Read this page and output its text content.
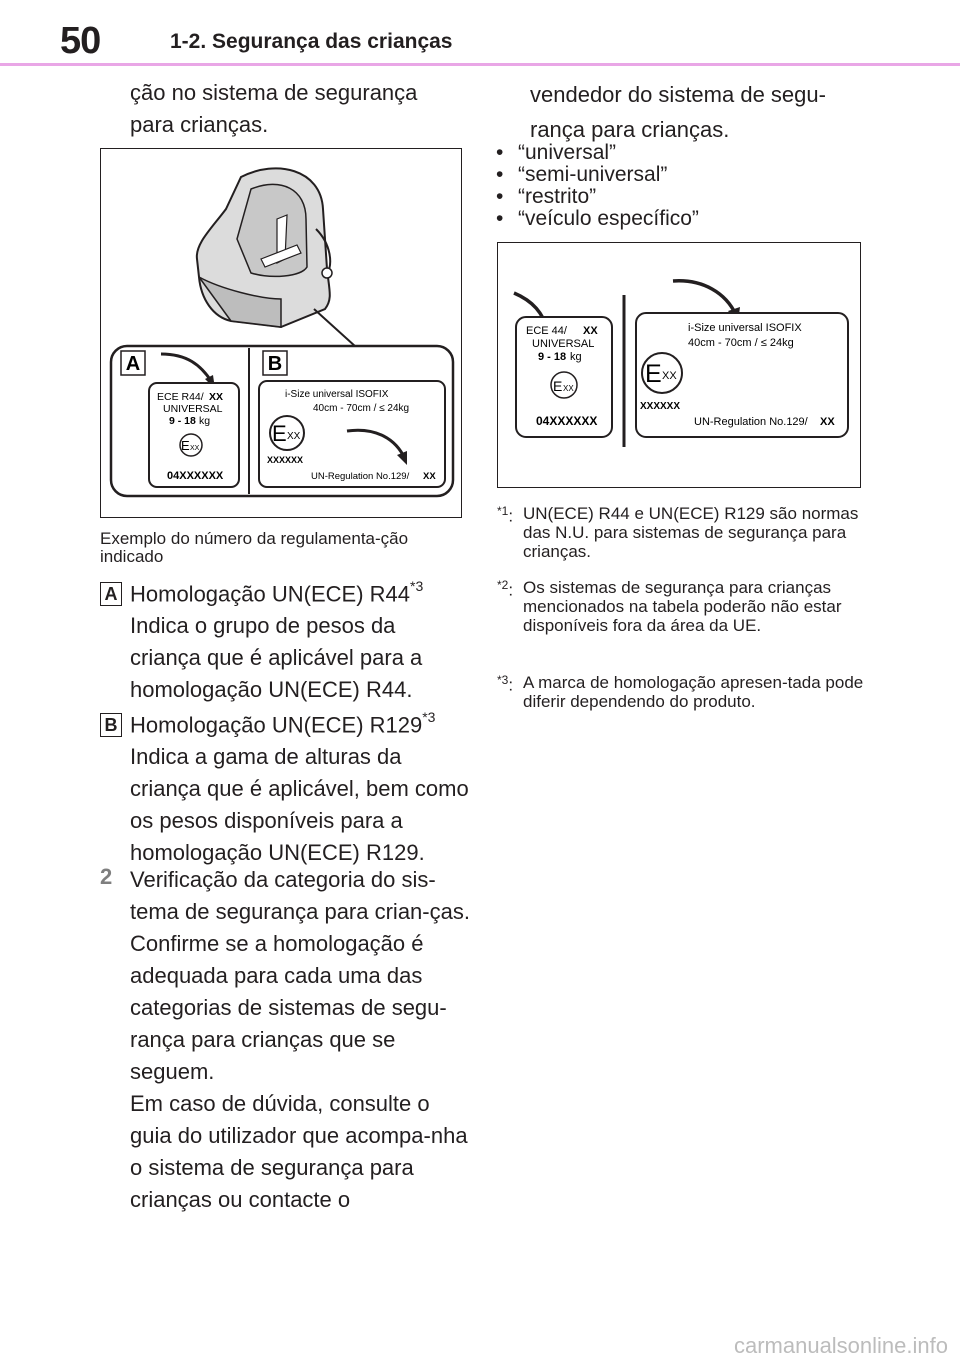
50	1-2. Segurança das crianças
ção no sistema de segurança para crianças.
A	B
ECE R44/ XX
UNIVERSAL
9 - 18 kg
E XX
04XXXXXX
i-Size universal ISOFIX
40cm - 70cm / ≤ 24kg
E XX
XXXXXX
UN-Regulation No.129/ XX
Exemplo do número da regulamenta-ção indicado
A Homologação UN(ECE) R44$^{*3}$
Indica o grupo de pesos da criança que é aplicável para a homologação UN(ECE) R44.
B Homologação UN(ECE) R129$^{*3}$
Indica a gama de alturas da criança que é aplicável, bem como os pesos disponíveis para a homologação UN(ECE) R129.
2 Verificação da categoria do sis-tema de segurança para crian-ças.
Confirme se a homologação é adequada para cada uma das categorias de sistemas de segu-rança para crianças que se seguem.
Em caso de dúvida, consulte o guia do utilizador que acompa-nha o sistema de segurança para crianças ou contacte o
vendedor do sistema de segu-rança para crianças.
• “universal”
• “semi-universal”
• “restrito”
• “veículo específico”
ECE 44/ XX
UNIVERSAL
9 - 18 kg
E XX
04XXXXXX
i-Size universal ISOFIX
40cm - 70cm / ≤ 24kg
E XX
XXXXXX
UN-Regulation No.129/ XX
$^{*1}$: UN(ECE) R44 e UN(ECE) R129 são normas das N.U. para sistemas de segurança para crianças.
$^{*2}$: Os sistemas de segurança para crianças mencionados na tabela poderão não estar disponíveis fora da área da UE.
$^{*3}$: A marca de homologação apresen-tada pode diferir dependendo do produto.
carmanualsonline.info
